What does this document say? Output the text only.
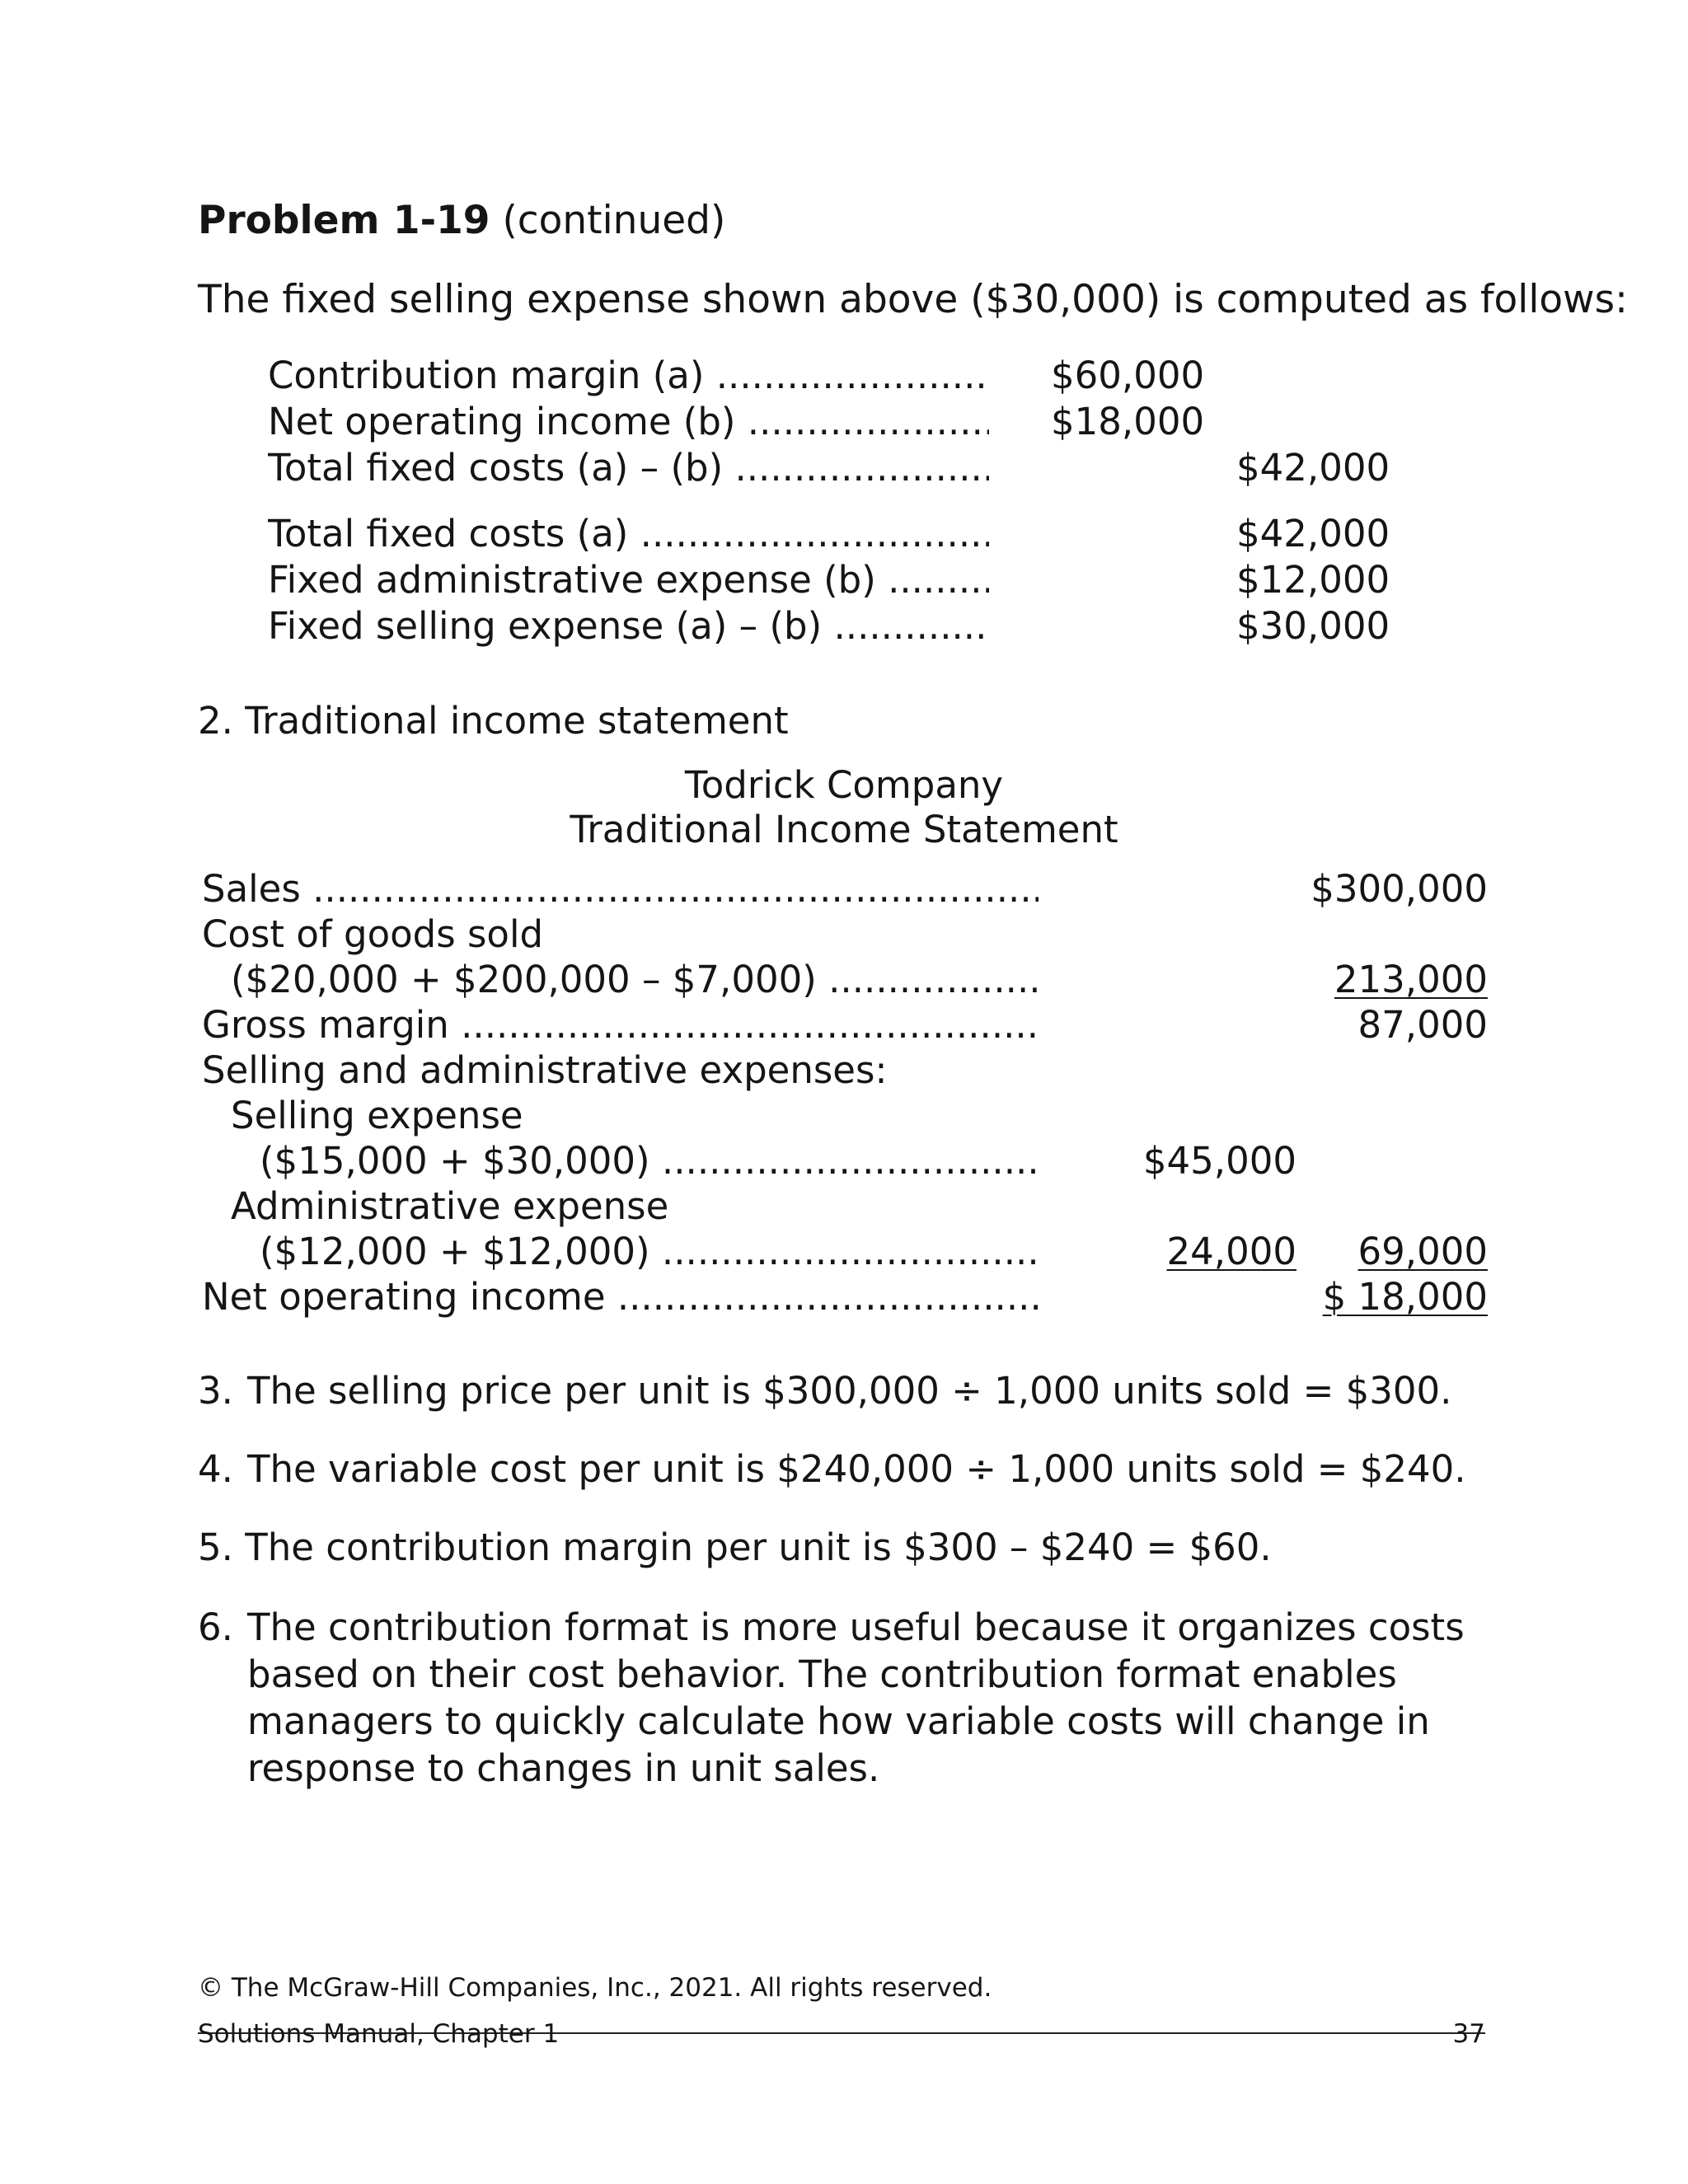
Problem 1-19 (continued)
The fixed selling expense shown above ($30,000) is computed as follows:
Contribution margin (a) .....	$60,000
Net operating income (b) .....	$18,000
Total fixed costs (a) – (b) .....	$42,000
Total fixed costs (a) .....	$42,000
Fixed administrative expense (b) .....	$12,000
Fixed selling expense (a) – (b) .....	$30,000
2. Traditional income statement
Todrick Company
Traditional Income Statement
Sales .....	$300,000
Cost of goods sold
($20,000 + $200,000 – $7,000) .....	213,000
Gross margin .....	87,000
Selling and administrative expenses:
Selling expense
($15,000 + $30,000) .....	$45,000
Administrative expense
($12,000 + $12,000) .....	24,000	69,000
Net operating income .....	$ 18,000
3. The selling price per unit is $300,000 ÷ 1,000 units sold = $300.
4. The variable cost per unit is $240,000 ÷ 1,000 units sold = $240.
5. The contribution margin per unit is $300 – $240 = $60.
6. The contribution format is more useful because it organizes costs based on their cost behavior. The contribution format enables managers to quickly calculate how variable costs will change in response to changes in unit sales.
© The McGraw-Hill Companies, Inc., 2021. All rights reserved.
Solutions Manual, Chapter 1	37
